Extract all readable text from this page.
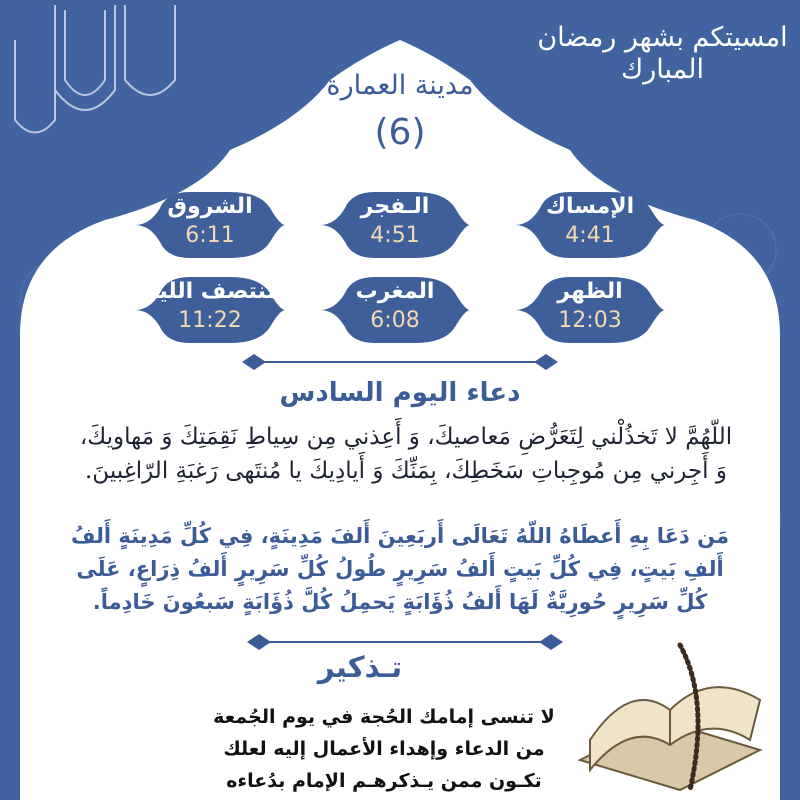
امسيتكم بشهر رمضان المبارك
مدينة العمارة
(6)
الإمساك
4:41
الـفجر
4:51
الشروق
6:11
الظهر
12:03
المغرب
6:08
منتصف الليل
11:22
دعاء اليوم السادس
اللّهُمَّ لا تَخذُلْني لِتَعَرُّضِ مَعاصيكَ، وَ أَعِذني مِن سِياطِ نَقِمَتِكَ وَ مَهاويكَ،
وَ أَجِرني مِن مُوجِباتِ سَخَطِكَ، بِمَنِّكَ وَ أَيادِيكَ يا مُنتَهى رَغبَةِ الرّاغِبينَ.
مَن دَعَا بِهِ أَعطَاهُ اللّهُ تَعَالَى أَربَعِينَ أَلفَ مَدِينَةٍ، فِي كُلِّ مَدِينَةٍ أَلفُ
أَلفِ بَيتٍ، فِي كُلِّ بَيتٍ أَلفُ سَرِيرٍ طُولُ كُلِّ سَرِيرٍ أَلفُ ذِرَاعٍ، عَلَى
كُلِّ سَرِيرٍ حُورِيَّةٌ لَهَا أَلفُ ذُؤَابَةٍ يَحمِلُ كُلَّ ذُؤَابَةٍ سَبعُونَ خَادِماً.
تـذكير
لا تنسى إمامك الحُجة في يوم الجُمعة
من الدعاء وإهداء الأعمال إليه لعلك
تكـون ممن يـذكرهـم الإمام بدُعاءه
